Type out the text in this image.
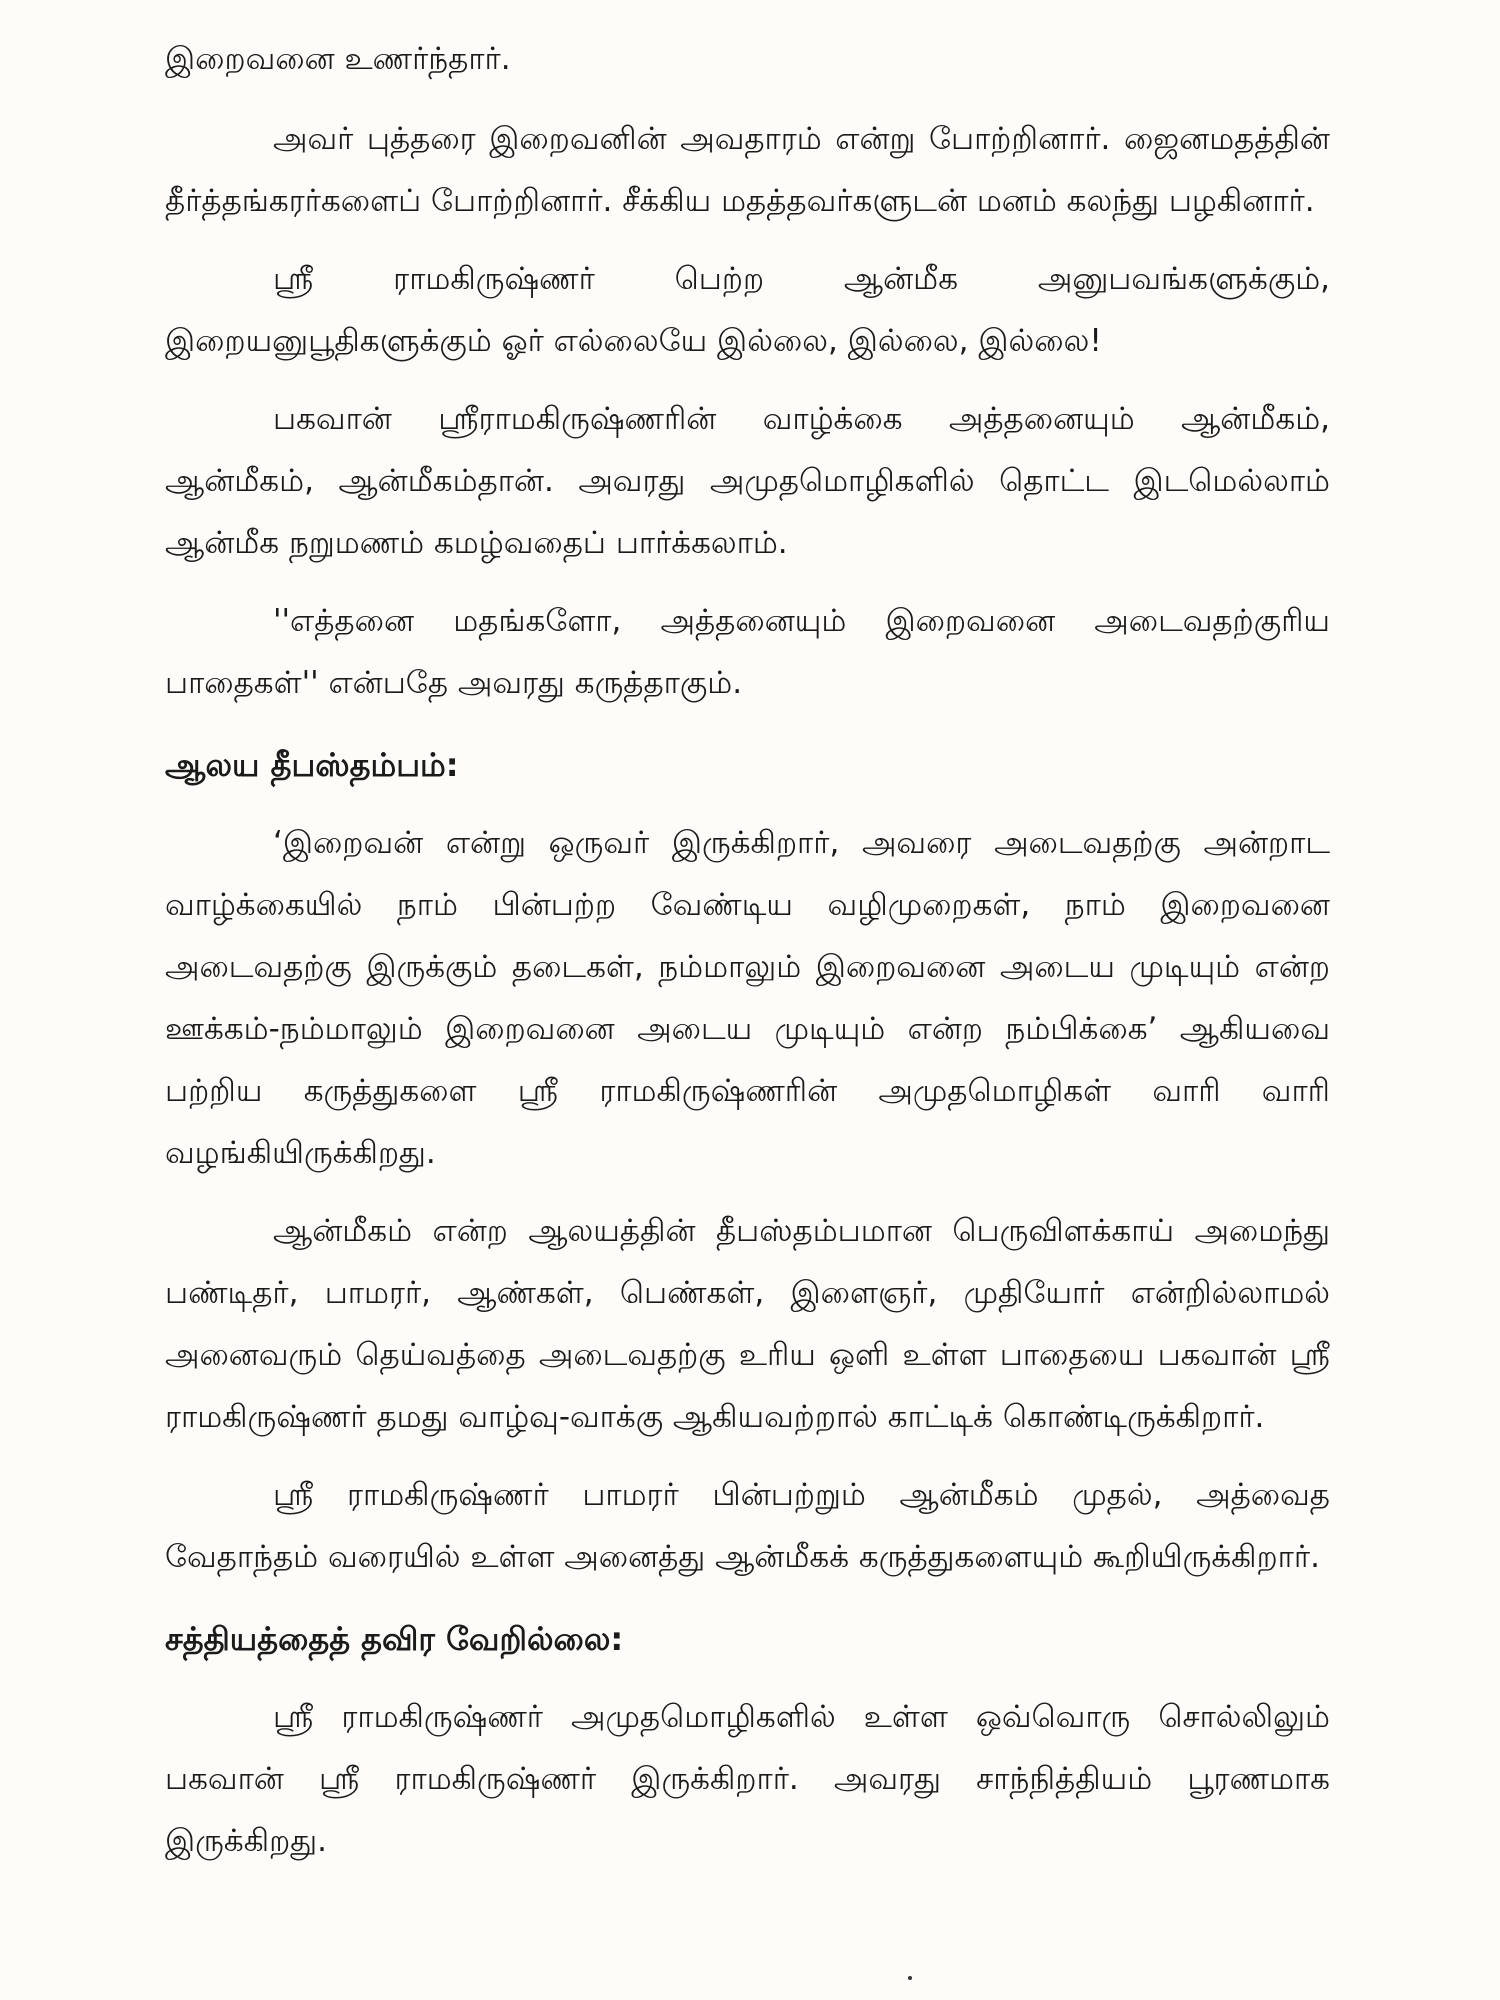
இறைவனை உணர்ந்தார்.

அவர் புத்தரை இறைவனின் அவதாரம் என்று போற்றினார். ஜைனமதத்தின் தீர்த்தங்கரர்களைப் போற்றினார். சீக்கிய மதத்தவர்களுடன் மனம் கலந்து பழகினார்.

ஸ்ரீ ராமகிருஷ்ணர் பெற்ற ஆன்மீக அனுபவங்களுக்கும், இறையனுபூதிகளுக்கும் ஓர் எல்லையே இல்லை, இல்லை, இல்லை!

பகவான் ஸ்ரீராமகிருஷ்ணரின் வாழ்க்கை அத்தனையும் ஆன்மீகம், ஆன்மீகம், ஆன்மீகம்தான். அவரது அமுதமொழிகளில் தொட்ட இடமெல்லாம் ஆன்மீக நறுமணம் கமழ்வதைப் பார்க்கலாம்.

''எத்தனை மதங்களோ, அத்தனையும் இறைவனை அடைவதற்குரிய பாதைகள்'' என்பதே அவரது கருத்தாகும்.

ஆலய தீபஸ்தம்பம்:

‘இறைவன் என்று ஒருவர் இருக்கிறார், அவரை அடைவதற்கு அன்றாட வாழ்க்கையில் நாம் பின்பற்ற வேண்டிய வழிமுறைகள், நாம் இறைவனை அடைவதற்கு இருக்கும் தடைகள், நம்மாலும் இறைவனை அடைய முடியும் என்ற ஊக்கம்-நம்மாலும் இறைவனை அடைய முடியும் என்ற நம்பிக்கை’ ஆகியவை பற்றிய கருத்துகளை ஸ்ரீ ராமகிருஷ்ணரின் அமுதமொழிகள் வாரி வாரி வழங்கியிருக்கிறது.

ஆன்மீகம் என்ற ஆலயத்தின் தீபஸ்தம்பமான பெருவிளக்காய் அமைந்து பண்டிதர், பாமரர், ஆண்கள், பெண்கள், இளைஞர், முதியோர் என்றில்லாமல் அனைவரும் தெய்வத்தை அடைவதற்கு உரிய ஒளி உள்ள பாதையை பகவான் ஸ்ரீ ராமகிருஷ்ணர் தமது வாழ்வு-வாக்கு ஆகியவற்றால் காட்டிக் கொண்டிருக்கிறார்.

ஸ்ரீ ராமகிருஷ்ணர் பாமரர் பின்பற்றும் ஆன்மீகம் முதல், அத்வைத வேதாந்தம் வரையில் உள்ள அனைத்து ஆன்மீகக் கருத்துகளையும் கூறியிருக்கிறார்.

சத்தியத்தைத் தவிர வேறில்லை:

ஸ்ரீ ராமகிருஷ்ணர் அமுதமொழிகளில் உள்ள ஒவ்வொரு சொல்லிலும் பகவான் ஸ்ரீ ராமகிருஷ்ணர் இருக்கிறார். அவரது சாந்நித்தியம் பூரணமாக இருக்கிறது.
